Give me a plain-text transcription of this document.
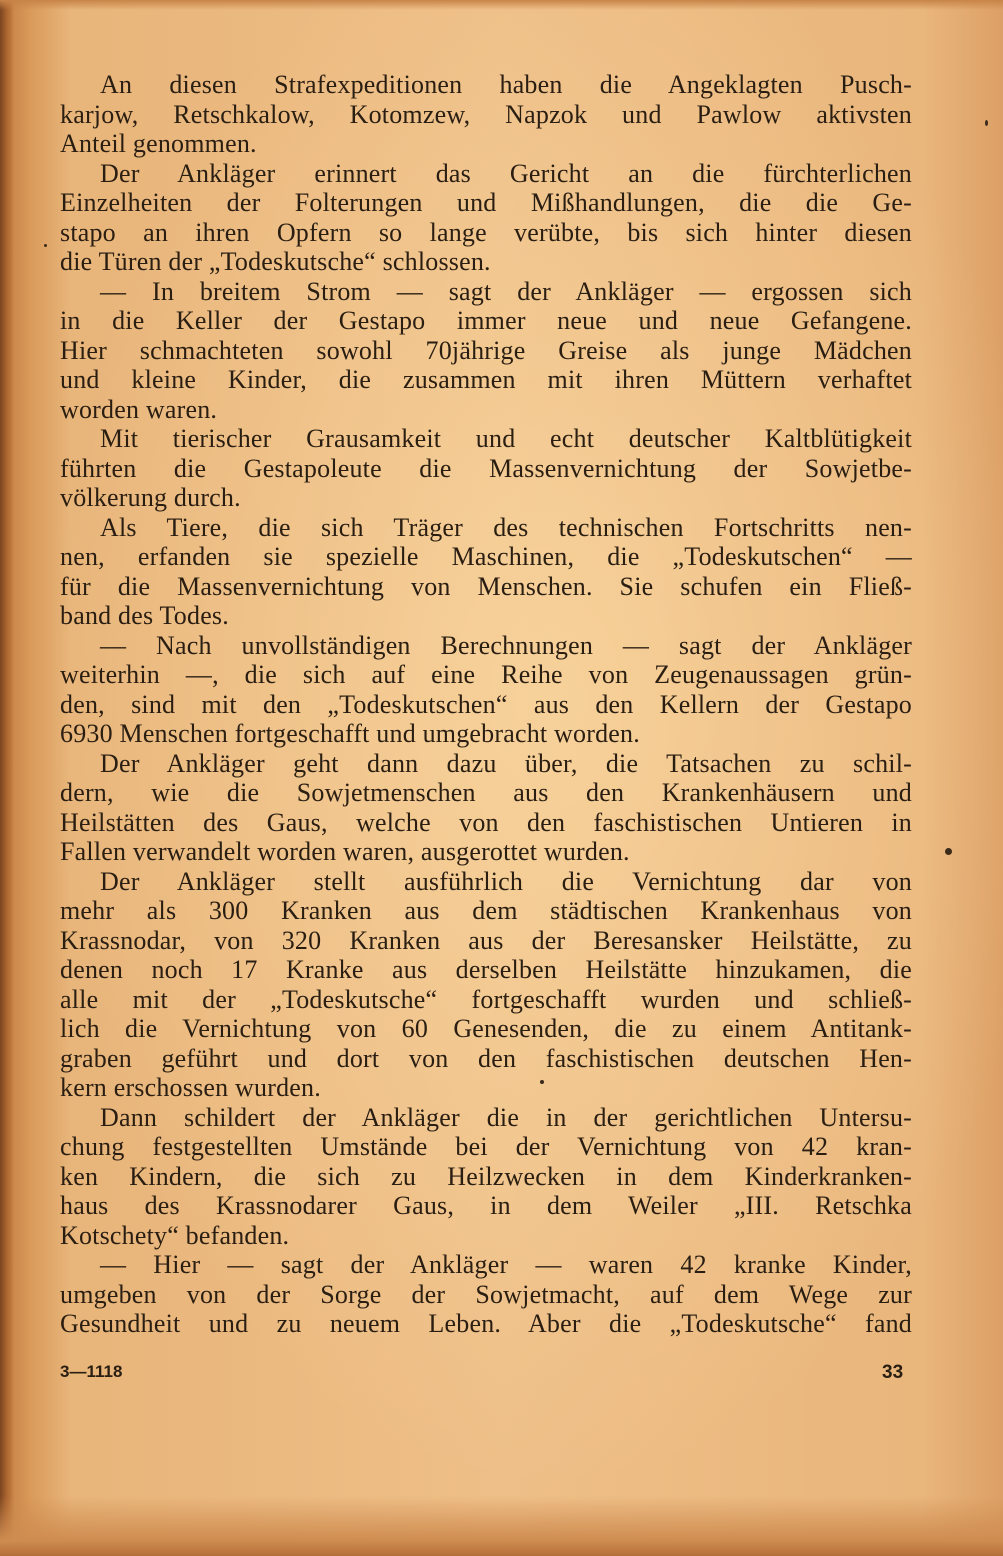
An diesen Strafexpeditionen haben die Angeklagten Pusch-
karjow, Retschkalow, Kotomzew, Napzok und Pawlow aktivsten
Anteil genommen.
Der Ankläger erinnert das Gericht an die fürchterlichen
Einzelheiten der Folterungen und Mißhandlungen, die die Ge-
stapo an ihren Opfern so lange verübte, bis sich hinter diesen
die Türen der „Todeskutsche“ schlossen.
— In breitem Strom — sagt der Ankläger — ergossen sich
in die Keller der Gestapo immer neue und neue Gefangene.
Hier schmachteten sowohl 70jährige Greise als junge Mädchen
und kleine Kinder, die zusammen mit ihren Müttern verhaftet
worden waren.
Mit tierischer Grausamkeit und echt deutscher Kaltblütigkeit
führten die Gestapoleute die Massenvernichtung der Sowjetbe-
völkerung durch.
Als Tiere, die sich Träger des technischen Fortschritts nen-
nen, erfanden sie spezielle Maschinen, die „Todeskutschen“ —
für die Massenvernichtung von Menschen. Sie schufen ein Fließ-
band des Todes.
— Nach unvollständigen Berechnungen — sagt der Ankläger
weiterhin —, die sich auf eine Reihe von Zeugenaussagen grün-
den, sind mit den „Todeskutschen“ aus den Kellern der Gestapo
6930 Menschen fortgeschafft und umgebracht worden.
Der Ankläger geht dann dazu über, die Tatsachen zu schil-
dern, wie die Sowjetmenschen aus den Krankenhäusern und
Heilstätten des Gaus, welche von den faschistischen Untieren in
Fallen verwandelt worden waren, ausgerottet wurden.
Der Ankläger stellt ausführlich die Vernichtung dar von
mehr als 300 Kranken aus dem städtischen Krankenhaus von
Krassnodar, von 320 Kranken aus der Beresansker Heilstätte, zu
denen noch 17 Kranke aus derselben Heilstätte hinzukamen, die
alle mit der „Todeskutsche“ fortgeschafft wurden und schließ-
lich die Vernichtung von 60 Genesenden, die zu einem Antitank-
graben geführt und dort von den faschistischen deutschen Hen-
kern erschossen wurden.
Dann schildert der Ankläger die in der gerichtlichen Untersu-
chung festgestellten Umstände bei der Vernichtung von 42 kran-
ken Kindern, die sich zu Heilzwecken in dem Kinderkranken-
haus des Krassnodarer Gaus, in dem Weiler „III. Retschka
Kotschety“ befanden.
— Hier — sagt der Ankläger — waren 42 kranke Kinder,
umgeben von der Sorge der Sowjetmacht, auf dem Wege zur
Gesundheit und zu neuem Leben. Aber die „Todeskutsche“ fand
3—1118	33
